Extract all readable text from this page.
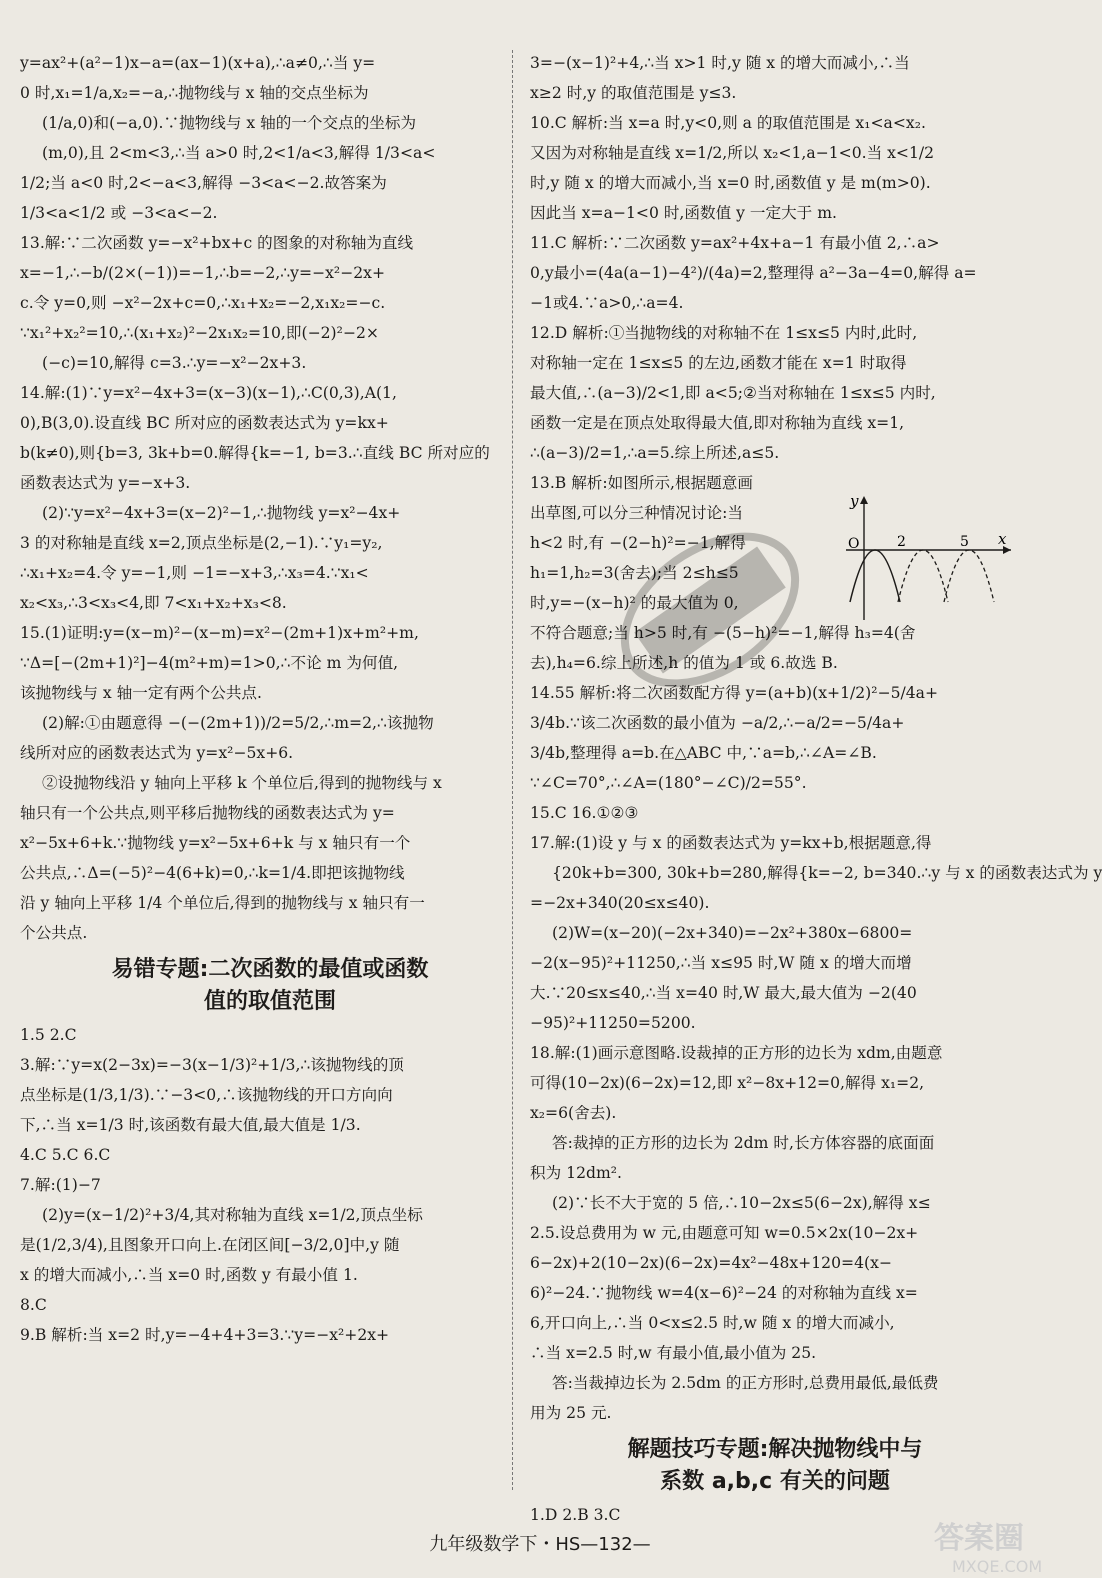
y=ax²+(a²−1)x−a=(ax−1)(x+a),∴a≠0,∴当 y=
0 时,x₁=1/a,x₂=−a,∴抛物线与 x 轴的交点坐标为
(1/a,0)和(−a,0).∵抛物线与 x 轴的一个交点的坐标为
(m,0),且 2<m<3,∴当 a>0 时,2<1/a<3,解得 1/3<a<
1/2;当 a<0 时,2<−a<3,解得 −3<a<−2.故答案为
1/3<a<1/2 或 −3<a<−2.
13.解:∵二次函数 y=−x²+bx+c 的图象的对称轴为直线
x=−1,∴−b/(2×(−1))=−1,∴b=−2,∴y=−x²−2x+
c.令 y=0,则 −x²−2x+c=0,∴x₁+x₂=−2,x₁x₂=−c.
∵x₁²+x₂²=10,∴(x₁+x₂)²−2x₁x₂=10,即(−2)²−2×
(−c)=10,解得 c=3.∴y=−x²−2x+3.
14.解:(1)∵y=x²−4x+3=(x−3)(x−1),∴C(0,3),A(1,
0),B(3,0).设直线 BC 所对应的函数表达式为 y=kx+
b(k≠0),则{b=3, 3k+b=0.解得{k=−1, b=3.∴直线 BC 所对应的
函数表达式为 y=−x+3.
(2)∵y=x²−4x+3=(x−2)²−1,∴抛物线 y=x²−4x+
3 的对称轴是直线 x=2,顶点坐标是(2,−1).∵y₁=y₂,
∴x₁+x₂=4.令 y=−1,则 −1=−x+3,∴x₃=4.∵x₁<
x₂<x₃,∴3<x₃<4,即 7<x₁+x₂+x₃<8.
15.(1)证明:y=(x−m)²−(x−m)=x²−(2m+1)x+m²+m,
∵Δ=[−(2m+1)²]−4(m²+m)=1>0,∴不论 m 为何值,
该抛物线与 x 轴一定有两个公共点.
(2)解:①由题意得 −(−(2m+1))/2=5/2,∴m=2,∴该抛物
线所对应的函数表达式为 y=x²−5x+6.
②设抛物线沿 y 轴向上平移 k 个单位后,得到的抛物线与 x
轴只有一个公共点,则平移后抛物线的函数表达式为 y=
x²−5x+6+k.∵抛物线 y=x²−5x+6+k 与 x 轴只有一个
公共点,∴Δ=(−5)²−4(6+k)=0,∴k=1/4.即把该抛物线
沿 y 轴向上平移 1/4 个单位后,得到的抛物线与 x 轴只有一
个公共点.
易错专题:二次函数的最值或函数
值的取值范围
1.5 2.C
3.解:∵y=x(2−3x)=−3(x−1/3)²+1/3,∴该抛物线的顶
点坐标是(1/3,1/3).∵−3<0,∴该抛物线的开口方向向
下,∴当 x=1/3 时,该函数有最大值,最大值是 1/3.
4.C 5.C 6.C
7.解:(1)−7
(2)y=(x−1/2)²+3/4,其对称轴为直线 x=1/2,顶点坐标
是(1/2,3/4),且图象开口向上.在闭区间[−3/2,0]中,y 随
x 的增大而减小,∴当 x=0 时,函数 y 有最小值 1.
8.C
9.B 解析:当 x=2 时,y=−4+4+3=3.∵y=−x²+2x+
3=−(x−1)²+4,∴当 x>1 时,y 随 x 的增大而减小,∴当
x≥2 时,y 的取值范围是 y≤3.
10.C 解析:当 x=a 时,y<0,则 a 的取值范围是 x₁<a<x₂.
又因为对称轴是直线 x=1/2,所以 x₂<1,a−1<0.当 x<1/2
时,y 随 x 的增大而减小,当 x=0 时,函数值 y 是 m(m>0).
因此当 x=a−1<0 时,函数值 y 一定大于 m.
11.C 解析:∵二次函数 y=ax²+4x+a−1 有最小值 2,∴a>
0,y最小=(4a(a−1)−4²)/(4a)=2,整理得 a²−3a−4=0,解得 a=
−1或4.∵a>0,∴a=4.
12.D 解析:①当抛物线的对称轴不在 1≤x≤5 内时,此时,
对称轴一定在 1≤x≤5 的左边,函数才能在 x=1 时取得
最大值,∴(a−3)/2<1,即 a<5;②当对称轴在 1≤x≤5 内时,
函数一定是在顶点处取得最大值,即对称轴为直线 x=1,
∴(a−3)/2=1,∴a=5.综上所述,a≤5.
13.B 解析:如图所示,根据题意画
出草图,可以分三种情况讨论:当
h<2 时,有 −(2−h)²=−1,解得
h₁=1,h₂=3(舍去);当 2≤h≤5
时,y=−(x−h)² 的最大值为 0,
不符合题意;当 h>5 时,有 −(5−h)²=−1,解得 h₃=4(舍
去),h₄=6.综上所述,h 的值为 1 或 6.故选 B.
14.55 解析:将二次函数配方得 y=(a+b)(x+1/2)²−5/4a+
3/4b.∵该二次函数的最小值为 −a/2,∴−a/2=−5/4a+
3/4b,整理得 a=b.在△ABC 中,∵a=b,∴∠A=∠B.
∵∠C=70°,∴∠A=(180°−∠C)/2=55°.
15.C 16.①②③
17.解:(1)设 y 与 x 的函数表达式为 y=kx+b,根据题意,得
{20k+b=300, 30k+b=280,解得{k=−2, b=340.∴y 与 x 的函数表达式为 y
=−2x+340(20≤x≤40).
(2)W=(x−20)(−2x+340)=−2x²+380x−6800=
−2(x−95)²+11250,∴当 x≤95 时,W 随 x 的增大而增
大.∵20≤x≤40,∴当 x=40 时,W 最大,最大值为 −2(40
−95)²+11250=5200.
18.解:(1)画示意图略.设裁掉的正方形的边长为 xdm,由题意
可得(10−2x)(6−2x)=12,即 x²−8x+12=0,解得 x₁=2,
x₂=6(舍去).
答:裁掉的正方形的边长为 2dm 时,长方体容器的底面面
积为 12dm².
(2)∵长不大于宽的 5 倍,∴10−2x≤5(6−2x),解得 x≤
2.5.设总费用为 w 元,由题意可知 w=0.5×2x(10−2x+
6−2x)+2(10−2x)(6−2x)=4x²−48x+120=4(x−
6)²−24.∵抛物线 w=4(x−6)²−24 的对称轴为直线 x=
6,开口向上,∴当 0<x≤2.5 时,w 随 x 的增大而减小,
∴当 x=2.5 时,w 有最小值,最小值为 25.
答:当裁掉边长为 2.5dm 的正方形时,总费用最低,最低费
用为 25 元.
解题技巧专题:解决抛物线中与
系数 a,b,c 有关的问题
1.D 2.B 3.C
y
x
O	2	5
九年级数学下・HS—132—	答案圈
MXQE.COM
